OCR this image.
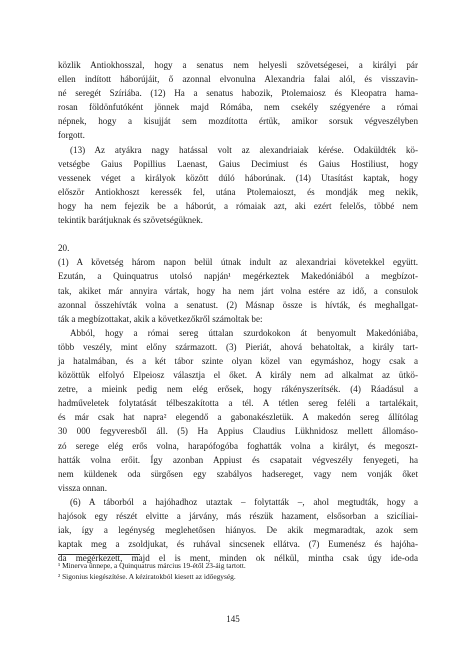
közlik Antiokhosszal, hogy a senatus nem helyesli szövetségesei, a királyi pár
ellen indított háborújáit, ő azonnal elvonulna Alexandria falai alól, és visszavin-
né seregét Szíriába. (12) Ha a senatus habozik, Ptolemaiosz és Kleopatra hama-
rosan földönfutóként jönnek majd Rómába, nem csekély szégyenére a római
népnek, hogy a kisujját sem mozdította értük, amikor sorsuk végveszélyben
forgott.
(13) Az atyákra nagy hatással volt az alexandriaiak kérése. Odaküldték kö-
vetségbe Gaius Popillius Laenast, Gaius Decimiust és Gaius Hostiliust, hogy
vessenek véget a királyok között dúló háborúnak. (14) Utasítást kaptak, hogy
először Antiokhoszt keressék fel, utána Ptolemaioszt, és mondják meg nekik,
hogy ha nem fejezik be a háborút, a rómaiak azt, aki ezért felelős, többé nem
tekintik barátjuknak és szövetségüknek.
20.
(1) A követség három napon belül útnak indult az alexandriai követekkel együtt.
Ezután, a Quinquatrus utolsó napján¹ megérkeztek Makedóniából a megbízot-
tak, akiket már annyira vártak, hogy ha nem járt volna estére az idő, a consulok
azonnal összehívták volna a senatust. (2) Másnap össze is hívták, és meghallgat-
ták a megbízottakat, akik a következőkről számoltak be:
Abból, hogy a római sereg úttalan szurdokokon át benyomult Makedóniába,
több veszély, mint előny származott. (3) Pieriát, ahová behatoltak, a király tart-
ja hatalmában, és a két tábor szinte olyan közel van egymáshoz, hogy csak a
közöttük elfolyó Elpeiosz választja el őket. A király nem ad alkalmat az ütkö-
zetre, a mieink pedig nem elég erősek, hogy rákényszerítsék. (4) Ráadásul a
hadműveletek folytatását télbeszakította a tél. A tétlen sereg feléli a tartalékait,
és már csak hat napra² elegendő a gabonakészletük. A makedón sereg állítólag
30 000 fegyveresből áll. (5) Ha Appius Claudius Lükhnidosz mellett állomáso-
zó serege elég erős volna, harapófogóba foghatták volna a királyt, és megoszt-
hatták volna erőit. Így azonban Appiust és csapatait végveszély fenyegeti, ha
nem küldenek oda sürgősen egy szabályos hadsereget, vagy nem vonják őket
vissza onnan.
(6) A táborból a hajóhadhoz utaztak – folytatták –, ahol megtudták, hogy a
hajósok egy részét elvitte a járvány, más részük hazament, elsősorban a szicíliai-
iak, így a legénység meglehetősen hiányos. De akik megmaradtak, azok sem
kaptak meg a zsoldjukat, és ruhával sincsenek ellátva. (7) Eumenész és hajóha-
da megérkezett, majd el is ment, minden ok nélkül, mintha csak úgy ide-oda
¹ Minerva ünnepe, a Quinquatrus március 19-étől 23-áig tartott.
² Sigonius kiegészítése. A kéziratokból kiesett az időegység.
145
